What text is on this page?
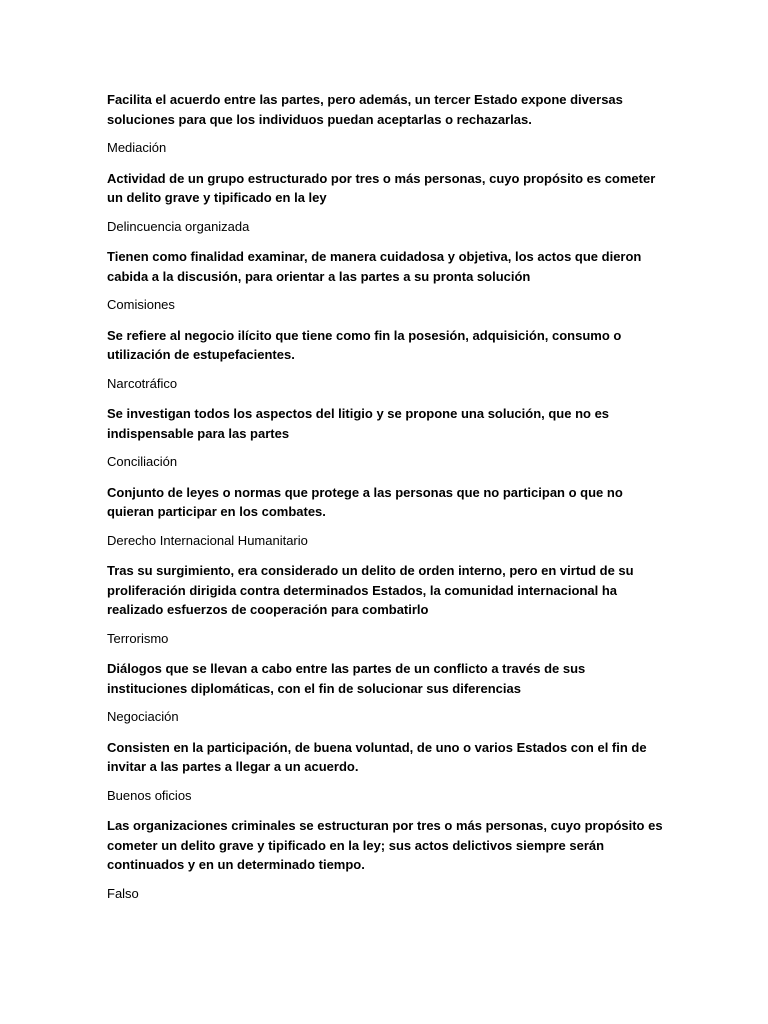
Facilita el acuerdo entre las partes, pero además, un tercer Estado expone diversas soluciones para que los individuos puedan aceptarlas o rechazarlas.

Mediación

Actividad de un grupo estructurado por tres o más personas, cuyo propósito es cometer un delito grave y tipificado en la ley

Delincuencia organizada

Tienen como finalidad examinar, de manera cuidadosa y objetiva, los actos que dieron cabida a la discusión, para orientar a las partes a su pronta solución

Comisiones

Se refiere al negocio ilícito que tiene como fin la posesión, adquisición, consumo o utilización de estupefacientes.

Narcotráfico

Se investigan todos los aspectos del litigio y se propone una solución, que no es indispensable para las partes

Conciliación

Conjunto de leyes o normas que protege a las personas que no participan o que no quieran participar en los combates.

Derecho Internacional Humanitario

Tras su surgimiento, era considerado un delito de orden interno, pero en virtud de su proliferación dirigida contra determinados Estados, la comunidad internacional ha realizado esfuerzos de cooperación para combatirlo

Terrorismo

Diálogos que se llevan a cabo entre las partes de un conflicto a través de sus instituciones diplomáticas, con el fin de solucionar sus diferencias

Negociación

Consisten en la participación, de buena voluntad, de uno o varios Estados con el fin de invitar a las partes a llegar a un acuerdo.

Buenos oficios

Las organizaciones criminales se estructuran por tres o más personas, cuyo propósito es cometer un delito grave y tipificado en la ley; sus actos delictivos siempre serán continuados y en un determinado tiempo.

Falso
